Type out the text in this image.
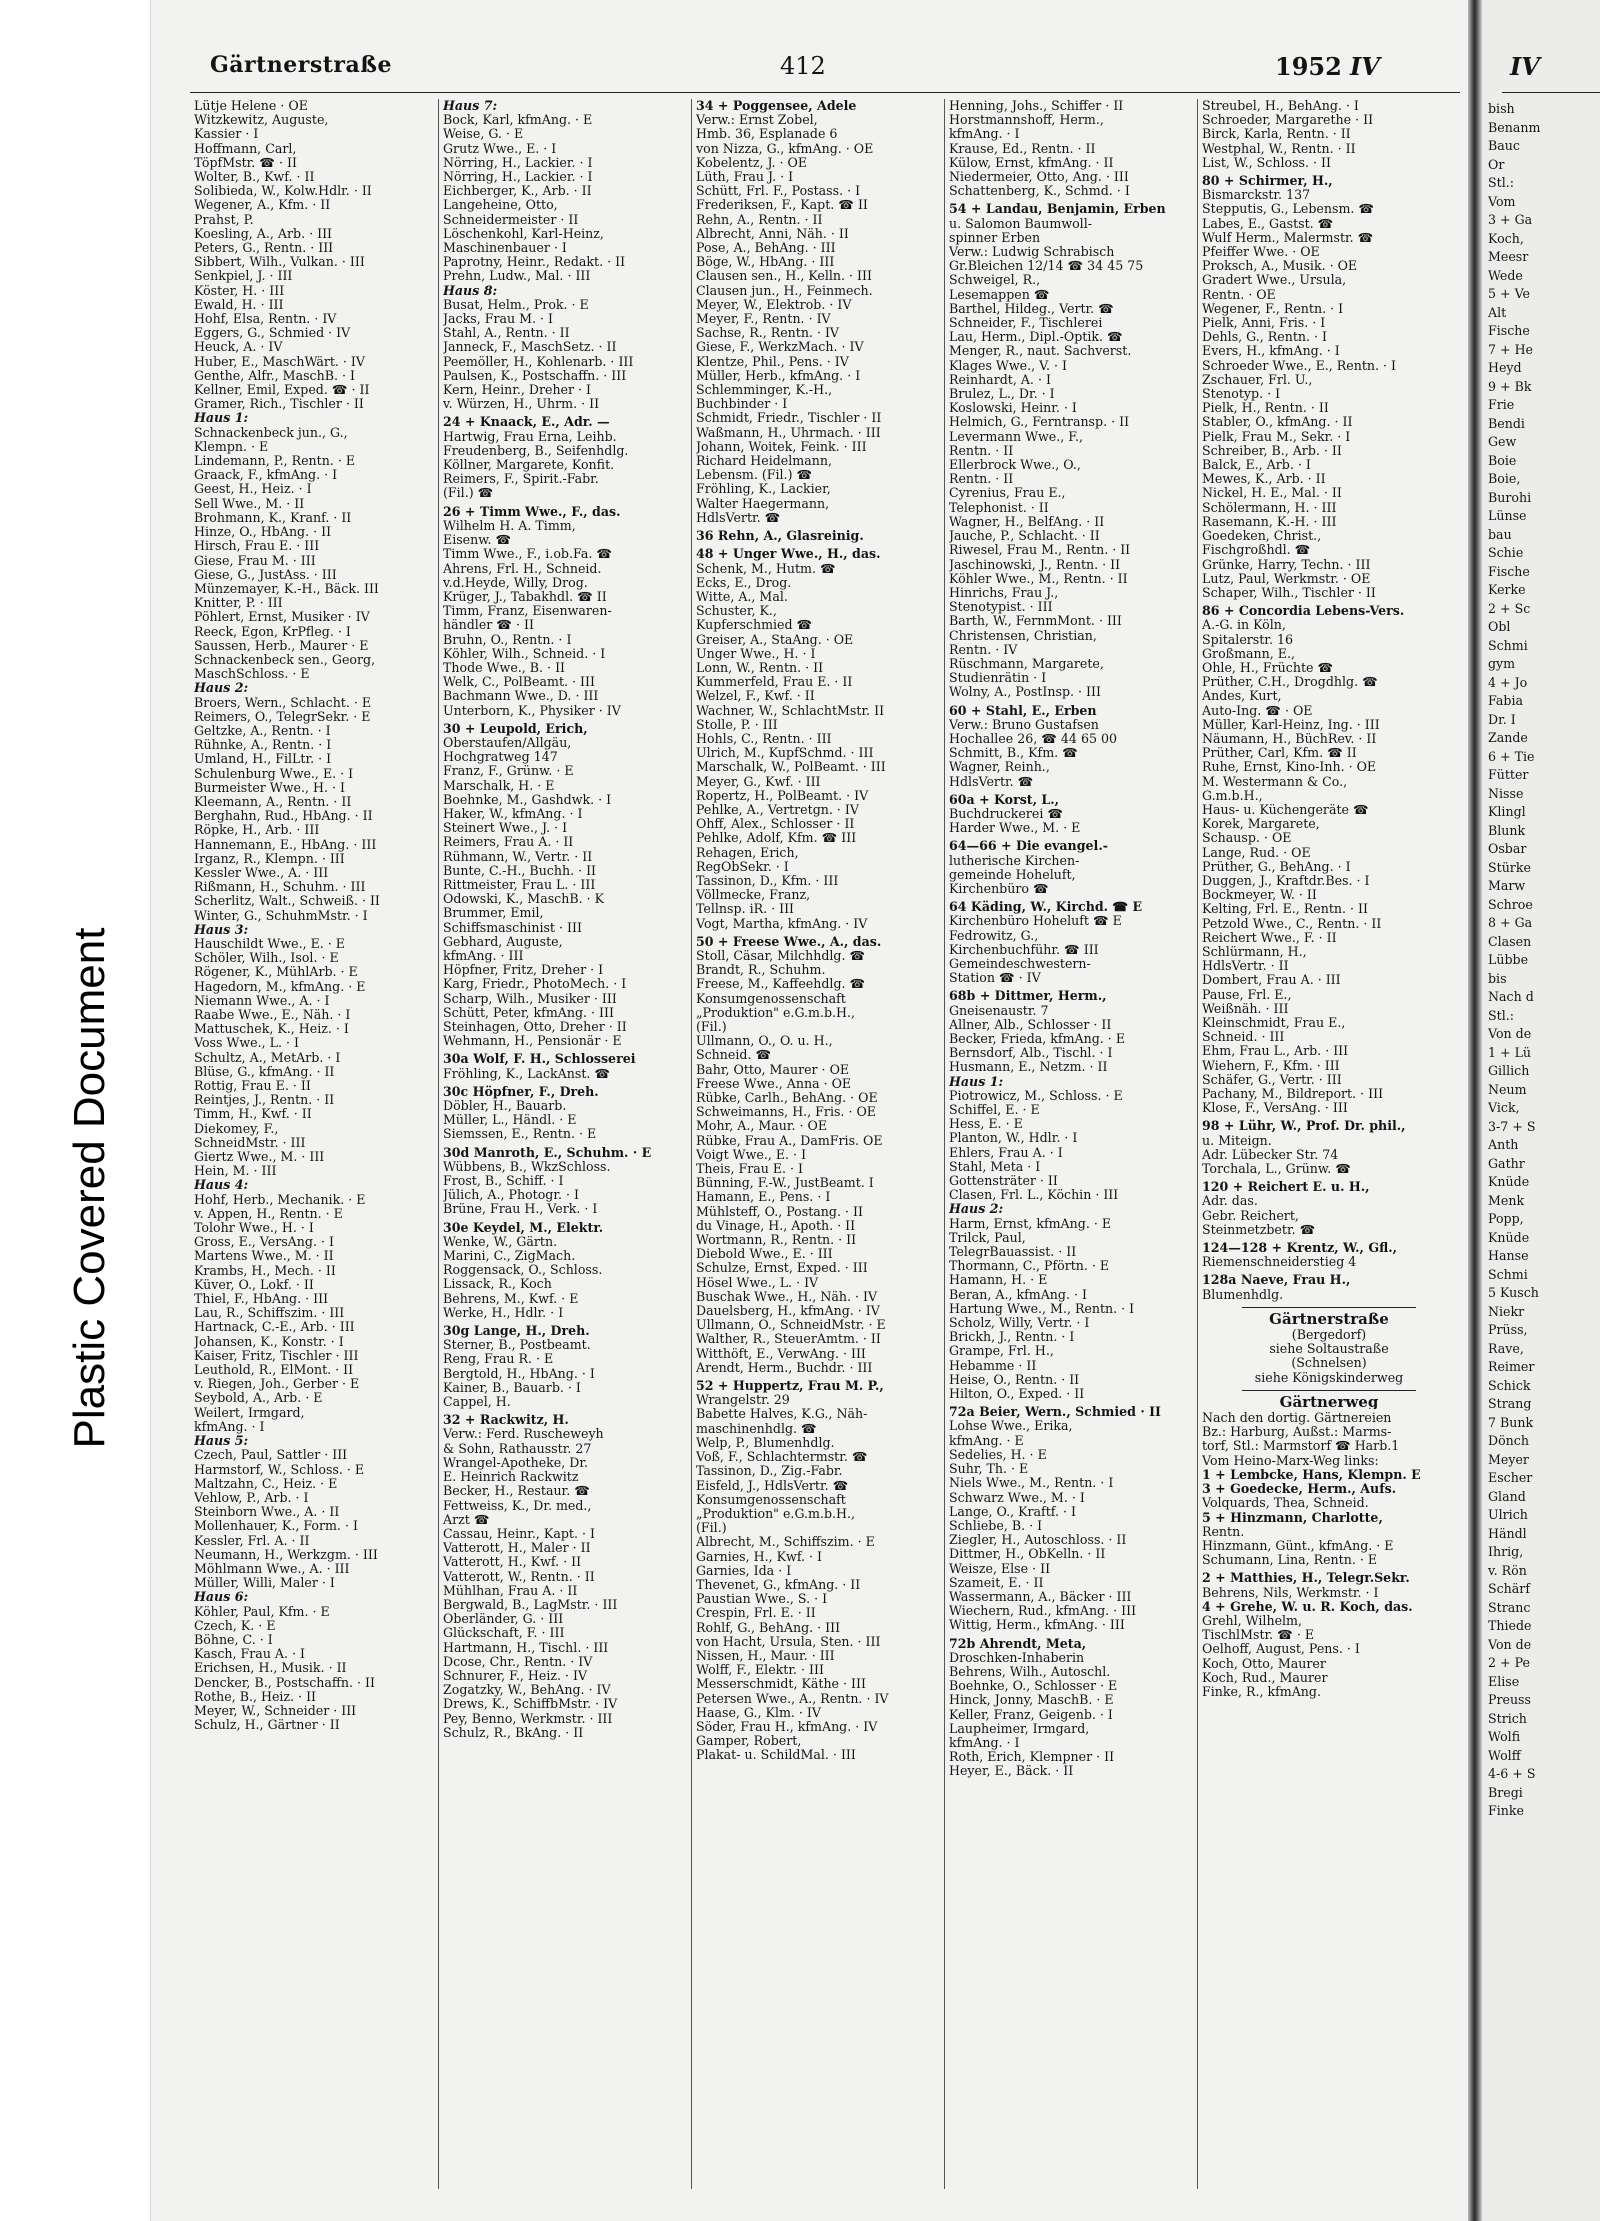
Plastic Covered Document
Gärtnerstraße	412	1952 IV
Lütje Helene · OE
Witzkewitz, Auguste,
Kassier · I
Hoffmann, Carl,
TöpfMstr. ☎ · II
Wolter, B., Kwf. · II
Solibieda, W., Kolw.Hdlr. · II
Wegener, A., Kfm. · II
Prahst, P.
Koesling, A., Arb. · III
Peters, G., Rentn. · III
Sibbert, Wilh., Vulkan. · III
Senkpiel, J. · III
Köster, H. · III
Ewald, H. · III
Hohf, Elsa, Rentn. · IV
Eggers, G., Schmied · IV
Heuck, A. · IV
Huber, E., MaschWärt. · IV
Genthe, Alfr., MaschB. · I
Kellner, Emil, Exped. ☎ · II
Gramer, Rich., Tischler · II
Haus 1:
Schnackenbeck jun., G.,
Klempn. · E
Lindemann, P., Rentn. · E
Graack, F., kfmAng. · I
Geest, H., Heiz. · I
Sell Wwe., M. · II
Brohmann, K., Kranf. · II
Hinze, O., HbAng. · II
Hirsch, Frau E. · III
Giese, Frau M. · III
Giese, G., JustAss. · III
Münzemayer, K.-H., Bäck. III
Knitter, P. · III
Pöhlert, Ernst, Musiker · IV
Reeck, Egon, KrPfleg. · I
Saussen, Herb., Maurer · E
Schnackenbeck sen., Georg,
MaschSchloss. · E
Haus 2:
Broers, Wern., Schlacht. · E
Reimers, O., TelegrSekr. · E
Geltzke, A., Rentn. · I
Rühnke, A., Rentn. · I
Umland, H., FilLtr. · I
Schulenburg Wwe., E. · I
Burmeister Wwe., H. · I
Kleemann, A., Rentn. · II
Berghahn, Rud., HbAng. · II
Röpke, H., Arb. · III
Hannemann, E., HbAng. · III
Irganz, R., Klempn. · III
Kessler Wwe., A. · III
Rißmann, H., Schuhm. · III
Scherlitz, Walt., Schweiß. · II
Winter, G., SchuhmMstr. · I
Haus 3:
Hauschildt Wwe., E. · E
Schöler, Wilh., Isol. · E
Rögener, K., MühlArb. · E
Hagedorn, M., kfmAng. · E
Niemann Wwe., A. · I
Raabe Wwe., E., Näh. · I
Mattuschek, K., Heiz. · I
Voss Wwe., L. · I
Schultz, A., MetArb. · I
Blüse, G., kfmAng. · II
Rottig, Frau E. · II
Reintjes, J., Rentn. · II
Timm, H., Kwf. · II
Diekomey, F.,
SchneidMstr. · III
Giertz Wwe., M. · III
Hein, M. · III
Haus 4:
Hohf, Herb., Mechanik. · E
v. Appen, H., Rentn. · E
Tolohr Wwe., H. · I
Gross, E., VersAng. · I
Martens Wwe., M. · II
Krambs, H., Mech. · II
Küver, O., Lokf. · II
Thiel, F., HbAng. · III
Lau, R., Schiffszim. · III
Hartnack, C.-E., Arb. · III
Johansen, K., Konstr. · I
Kaiser, Fritz, Tischler · III
Leuthold, R., ElMont. · II
v. Riegen, Joh., Gerber · E
Seybold, A., Arb. · E
Weilert, Irmgard,
kfmAng. · I
Haus 5:
Czech, Paul, Sattler · III
Harmstorf, W., Schloss. · E
Maltzahn, C., Heiz. · E
Vehlow, P., Arb. · I
Steinborn Wwe., A. · II
Mollenhauer, K., Form. · I
Kessler, Frl. A. · II
Neumann, H., Werkzgm. · III
Möhlmann Wwe., A. · III
Müller, Willi, Maler · I
Haus 6:
Köhler, Paul, Kfm. · E
Czech, K. · E
Böhne, C. · I
Kasch, Frau A. · I
Erichsen, H., Musik. · II
Dencker, B., Postschaffn. · II
Rothe, B., Heiz. · II
Meyer, W., Schneider · III
Schulz, H., Gärtner · II
Haus 7:
Bock, Karl, kfmAng. · E
Weise, G. · E
Grutz Wwe., E. · I
Nörring, H., Lackier. · I
Nörring, H., Lackier. · I
Eichberger, K., Arb. · II
Langeheine, Otto,
Schneidermeister · II
Löschenkohl, Karl-Heinz,
Maschinenbauer · I
Paprotny, Heinr., Redakt. · II
Prehn, Ludw., Mal. · III
Haus 8:
Busat, Helm., Prok. · E
Jacks, Frau M. · I
Stahl, A., Rentn. · II
Janneck, F., MaschSetz. · II
Peemöller, H., Kohlenarb. · III
Paulsen, K., Postschaffn. · III
Kern, Heinr., Dreher · I
v. Würzen, H., Uhrm. · II
24 + Knaack, E., Adr. —
Hartwig, Frau Erna, Leihb.
Freudenberg, B., Seifenhdlg.
Köllner, Margarete, Konfit.
Reimers, F., Spirit.-Fabr.
(Fil.) ☎
26 + Timm Wwe., F., das.
Wilhelm H. A. Timm,
Eisenw. ☎
Timm Wwe., F., i.ob.Fa. ☎
Ahrens, Frl. H., Schneid.
v.d.Heyde, Willy, Drog.
Krüger, J., Tabakhdl. ☎ II
Timm, Franz, Eisenwaren-
händler ☎ · II
Bruhn, O., Rentn. · I
Köhler, Wilh., Schneid. · I
Thode Wwe., B. · II
Welk, C., PolBeamt. · III
Bachmann Wwe., D. · III
Unterborn, K., Physiker · IV
30 + Leupold, Erich,
Oberstaufen/Allgäu,
Hochgratweg 147
Franz, F., Grünw. · E
Marschalk, H. · E
Boehnke, M., Gashdwk. · I
Haker, W., kfmAng. · I
Steinert Wwe., J. · I
Reimers, Frau A. · II
Rühmann, W., Vertr. · II
Bunte, C.-H., Buchh. · II
Rittmeister, Frau L. · III
Odowski, K., MaschB. · K
Brummer, Emil,
Schiffsmaschinist · III
Gebhard, Auguste,
kfmAng. · III
Höpfner, Fritz, Dreher · I
Karg, Friedr., PhotoMech. · I
Scharp, Wilh., Musiker · III
Schütt, Peter, kfmAng. · III
Steinhagen, Otto, Dreher · II
Wehmann, H., Pensionär · E
30a Wolf, F. H., Schlosserei
Fröhling, K., LackAnst. ☎
30c Höpfner, F., Dreh.
Döbler, H., Bauarb.
Müller, L., Händl. · E
Siemssen, E., Rentn. · E
30d Manroth, E., Schuhm. · E
Wübbens, B., WkzSchloss.
Frost, B., Schiff. · I
Jülich, A., Photogr. · I
Brüne, Frau H., Verk. · I
30e Keydel, M., Elektr.
Wenke, W., Gärtn.
Marini, C., ZigMach.
Roggensack, O., Schloss.
Lissack, R., Koch
Behrens, M., Kwf. · E
Werke, H., Hdlr. · I
30g Lange, H., Dreh.
Sterner, B., Postbeamt.
Reng, Frau R. · E
Bergtold, H., HbAng. · I
Kainer, B., Bauarb. · I
Cappel, H.
32 + Rackwitz, H.
Verw.: Ferd. Ruscheweyh
& Sohn, Rathausstr. 27
Wrangel-Apotheke, Dr.
E. Heinrich Rackwitz
Becker, H., Restaur. ☎
Fettweiss, K., Dr. med.,
Arzt ☎
Cassau, Heinr., Kapt. · I
Vatterott, H., Maler · II
Vatterott, H., Kwf. · II
Vatterott, W., Rentn. · II
Mühlhan, Frau A. · II
Bergwald, B., LagMstr. · III
Oberländer, G. · III
Glückschaft, F. · III
Hartmann, H., Tischl. · III
Dcose, Chr., Rentn. · IV
Schnurer, F., Heiz. · IV
Zogatzky, W., BehAng. · IV
Drews, K., SchiffbMstr. · IV
Pey, Benno, Werkmstr. · III
Schulz, R., BkAng. · II
34 + Poggensee, Adele
Verw.: Ernst Zobel,
Hmb. 36, Esplanade 6
von Nizza, G., kfmAng. · OE
Kobelentz, J. · OE
Lüth, Frau J. · I
Schütt, Frl. F., Postass. · I
Frederiksen, F., Kapt. ☎ II
Rehn, A., Rentn. · II
Albrecht, Anni, Näh. · II
Pose, A., BehAng. · III
Böge, W., HbAng. · III
Clausen sen., H., Kelln. · III
Clausen jun., H., Feinmech.
Meyer, W., Elektrob. · IV
Meyer, F., Rentn. · IV
Sachse, R., Rentn. · IV
Giese, F., WerkzMach. · IV
Klentze, Phil., Pens. · IV
Müller, Herb., kfmAng. · I
Schlemminger, K.-H.,
Buchbinder · I
Schmidt, Friedr., Tischler · II
Waßmann, H., Uhrmach. · III
Johann, Woitek, Feink. · III
Richard Heidelmann,
Lebensm. (Fil.) ☎
Fröhling, K., Lackier,
Walter Haegermann,
HdlsVertr. ☎
36 Rehn, A., Glasreinig.
48 + Unger Wwe., H., das.
Schenk, M., Hutm. ☎
Ecks, E., Drog.
Witte, A., Mal.
Schuster, K.,
Kupferschmied ☎
Greiser, A., StaAng. · OE
Unger Wwe., H. · I
Lonn, W., Rentn. · II
Kummerfeld, Frau E. · II
Welzel, F., Kwf. · II
Wachner, W., SchlachtMstr. II
Stolle, P. · III
Hohls, C., Rentn. · III
Ulrich, M., KupfSchmd. · III
Marschalk, W., PolBeamt. · III
Meyer, G., Kwf. · III
Ropertz, H., PolBeamt. · IV
Pehlke, A., Vertretgn. · IV
Ohff, Alex., Schlosser · II
Pehlke, Adolf, Kfm. ☎ III
Rehagen, Erich,
RegObSekr. · I
Tassinon, D., Kfm. · III
Völlmecke, Franz,
Tellnsp. iR. · III
Vogt, Martha, kfmAng. · IV
50 + Freese Wwe., A., das.
Stoll, Cäsar, Milchhdlg. ☎
Brandt, R., Schuhm.
Freese, M., Kaffeehdlg. ☎
Konsumgenossenschaft
„Produktion" e.G.m.b.H.,
(Fil.)
Ullmann, O., O. u. H.,
Schneid. ☎
Bahr, Otto, Maurer · OE
Freese Wwe., Anna · OE
Rübke, Carlh., BehAng. · OE
Schweimanns, H., Fris. · OE
Mohr, A., Maur. · OE
Rübke, Frau A., DamFris. OE
Voigt Wwe., E. · I
Theis, Frau E. · I
Bünning, F.-W., JustBeamt. I
Hamann, E., Pens. · I
Mühlsteff, O., Postang. · II
du Vinage, H., Apoth. · II
Wortmann, R., Rentn. · II
Diebold Wwe., E. · III
Schulze, Ernst, Exped. · III
Hösel Wwe., L. · IV
Buschak Wwe., H., Näh. · IV
Dauelsberg, H., kfmAng. · IV
Ullmann, O., SchneidMstr. · E
Walther, R., SteuerAmtm. · II
Witthöft, E., VerwAng. · III
Arendt, Herm., Buchdr. · III
52 + Huppertz, Frau M. P.,
Wrangelstr. 29
Babette Halves, K.G., Näh-
maschinenhdlg. ☎
Welp, P., Blumenhdlg.
Voß, F., Schlachtermstr. ☎
Tassinon, D., Zig.-Fabr.
Eisfeld, J., HdlsVertr. ☎
Konsumgenossenschaft
„Produktion" e.G.m.b.H.,
(Fil.)
Albrecht, M., Schiffszim. · E
Garnies, H., Kwf. · I
Garnies, Ida · I
Thevenet, G., kfmAng. · II
Paustian Wwe., S. · I
Crespin, Frl. E. · II
Rohlf, G., BehAng. · III
von Hacht, Ursula, Sten. · III
Nissen, H., Maur. · III
Wolff, F., Elektr. · III
Messerschmidt, Käthe · III
Petersen Wwe., A., Rentn. · IV
Haase, G., Klm. · IV
Söder, Frau H., kfmAng. · IV
Gamper, Robert,
Plakat- u. SchildMal. · III
Henning, Johs., Schiffer · II
Horstmannshoff, Herm.,
kfmAng. · I
Krause, Ed., Rentn. · II
Külow, Ernst, kfmAng. · II
Niedermeier, Otto, Ang. · III
Schattenberg, K., Schmd. · I
54 + Landau, Benjamin, Erben
u. Salomon Baumwoll-
spinner Erben
Verw.: Ludwig Schrabisch
Gr.Bleichen 12/14 ☎ 34 45 75
Schweigel, R.,
Lesemappen ☎
Barthel, Hildeg., Vertr. ☎
Schneider, F., Tischlerei
Lau, Herm., Dipl.-Optik. ☎
Menger, R., naut. Sachverst.
Klages Wwe., V. · I
Reinhardt, A. · I
Brulez, L., Dr. · I
Koslowski, Heinr. · I
Helmich, G., Ferntransp. · II
Levermann Wwe., F.,
Rentn. · II
Ellerbrock Wwe., O.,
Rentn. · II
Cyrenius, Frau E.,
Telephonist. · II
Wagner, H., BelfAng. · II
Jauche, P., Schlacht. · II
Riwesel, Frau M., Rentn. · II
Jaschinowski, J., Rentn. · II
Köhler Wwe., M., Rentn. · II
Hinrichs, Frau J.,
Stenotypist. · III
Barth, W., FernmMont. · III
Christensen, Christian,
Rentn. · IV
Rüschmann, Margarete,
Studienrätin · I
Wolny, A., PostInsp. · III
60 + Stahl, E., Erben
Verw.: Bruno Gustafsen
Hochallee 26, ☎ 44 65 00
Schmitt, B., Kfm. ☎
Wagner, Reinh.,
HdlsVertr. ☎
60a + Korst, L.,
Buchdruckerei ☎
Harder Wwe., M. · E
64—66 + Die evangel.-
lutherische Kirchen-
gemeinde Hoheluft,
Kirchenbüro ☎
64 Käding, W., Kirchd. ☎ E
Kirchenbüro Hoheluft ☎ E
Fedrowitz, G.,
Kirchenbuchführ. ☎ III
Gemeindeschwestern-
Station ☎ · IV
68b + Dittmer, Herm.,
Gneisenaustr. 7
Allner, Alb., Schlosser · II
Becker, Frieda, kfmAng. · E
Bernsdorf, Alb., Tischl. · I
Husmann, E., Netzm. · II
Haus 1:
Piotrowicz, M., Schloss. · E
Schiffel, E. · E
Hess, E. · E
Planton, W., Hdlr. · I
Ehlers, Frau A. · I
Stahl, Meta · I
Gottensträter · II
Clasen, Frl. L., Köchin · III
Haus 2:
Harm, Ernst, kfmAng. · E
Trilck, Paul,
TelegrBauassist. · II
Thormann, C., Pförtn. · E
Hamann, H. · E
Beran, A., kfmAng. · I
Hartung Wwe., M., Rentn. · I
Scholz, Willy, Vertr. · I
Brickh, J., Rentn. · I
Grampe, Frl. H.,
Hebamme · II
Heise, O., Rentn. · II
Hilton, O., Exped. · II
72a Beier, Wern., Schmied · II
Lohse Wwe., Erika,
kfmAng. · E
Sedelies, H. · E
Suhr, Th. · E
Niels Wwe., M., Rentn. · I
Schwarz Wwe., M. · I
Lange, O., Kraftf. · I
Schliebe, B. · I
Ziegler, H., Autoschloss. · II
Dittmer, H., ObKelln. · II
Weisze, Else · II
Szameit, E. · II
Wassermann, A., Bäcker · III
Wiechern, Rud., kfmAng. · III
Wittig, Herm., kfmAng. · III
72b Ahrendt, Meta,
Droschken-Inhaberin
Behrens, Wilh., Autoschl.
Boehnke, O., Schlosser · E
Hinck, Jonny, MaschB. · E
Keller, Franz, Geigenb. · I
Laupheimer, Irmgard,
kfmAng. · I
Roth, Erich, Klempner · II
Heyer, E., Bäck. · II
Streubel, H., BehAng. · I
Schroeder, Margarethe · II
Birck, Karla, Rentn. · II
Westphal, W., Rentn. · II
List, W., Schloss. · II
80 + Schirmer, H.,
Bismarckstr. 137
Stepputis, G., Lebensm. ☎
Labes, E., Gastst. ☎
Wulf Herm., Malermstr. ☎
Pfeiffer Wwe. · OE
Proksch, A., Musik. · OE
Gradert Wwe., Ursula,
Rentn. · OE
Wegener, F., Rentn. · I
Pielk, Anni, Fris. · I
Dehls, G., Rentn. · I
Evers, H., kfmAng. · I
Schroeder Wwe., E., Rentn. · I
Zschauer, Frl. U.,
Stenotyp. · I
Pielk, H., Rentn. · II
Stabler, O., kfmAng. · II
Pielk, Frau M., Sekr. · I
Schreiber, B., Arb. · II
Balck, E., Arb. · I
Mewes, K., Arb. · II
Nickel, H. E., Mal. · II
Schölermann, H. · III
Rasemann, K.-H. · III
Goedeken, Christ.,
Fischgroßhdl. ☎
Grünke, Harry, Techn. · III
Lutz, Paul, Werkmstr. · OE
Schaper, Wilh., Tischler · II
86 + Concordia Lebens-Vers.
A.-G. in Köln,
Spitalerstr. 16
Großmann, E.,
Ohle, H., Früchte ☎
Prüther, C.H., Drogdhlg. ☎
Andes, Kurt,
Auto-Ing. ☎ · OE
Müller, Karl-Heinz, Ing. · III
Näumann, H., BüchRev. · II
Prüther, Carl, Kfm. ☎ II
Ruhe, Ernst, Kino-Inh. · OE
M. Westermann & Co.,
G.m.b.H.,
Haus- u. Küchengeräte ☎
Korek, Margarete,
Schausp. · OE
Lange, Rud. · OE
Prüther, G., BehAng. · I
Duggen, J., Kraftdr.Bes. · I
Bockmeyer, W. · II
Kelting, Frl. E., Rentn. · II
Petzold Wwe., C., Rentn. · II
Reichert Wwe., F. · II
Schlürmann, H.,
HdlsVertr. · II
Dombert, Frau A. · III
Pause, Frl. E.,
Weißnäh. · III
Kleinschmidt, Frau E.,
Schneid. · III
Ehm, Frau L., Arb. · III
Wiehern, F., Kfm. · III
Schäfer, G., Vertr. · III
Pachany, M., Bildreport. · III
Klose, F., VersAng. · III
98 + Lühr, W., Prof. Dr. phil.,
u. Miteign.
Adr. Lübecker Str. 74
Torchala, L., Grünw. ☎
120 + Reichert E. u. H.,
Adr. das.
Gebr. Reichert,
Steinmetzbetr. ☎
124—128 + Krentz, W., Gfl.,
Riemenschneiderstieg 4
128a Naeve, Frau H.,
Blumenhdlg.
Gärtnerstraße
(Bergedorf)
siehe Soltaustraße
(Schnelsen)
siehe Königskinderweg
Gärtnerweg
Nach den dortig. Gärtnereien
Bz.: Harburg, Außst.: Marms-
torf, Stl.: Marmstorf ☎ Harb.1
Vom Heino-Marx-Weg links:
1 + Lembcke, Hans, Klempn. E
3 + Goedecke, Herm., Aufs.
Volquards, Thea, Schneid.
5 + Hinzmann, Charlotte,
Rentn.
Hinzmann, Günt., kfmAng. · E
Schumann, Lina, Rentn. · E
2 + Matthies, H., Telegr.Sekr.
Behrens, Nils, Werkmstr. · I
4 + Grehe, W. u. R. Koch, das.
Grehl, Wilhelm,
TischlMstr. ☎ · E
Oelhoff, August, Pens. · I
Koch, Otto, Maurer
Koch, Rud., Maurer
Finke, R., kfmAng.
IV
bish
Benanm
Bauc
Or
Stl.:
Vom
3 + Ga
Koch,
Meesr
Wede
5 + Ve
Alt
Fische
7 + He
Heyd
9 + Bk
Frie
Bendi
Gew
Boie
Boie,
Burohi
Lünse
bau
Schie
Fische
Kerke
2 + Sc
Obl
Schmi
gym
4 + Jo
Fabia
Dr. I
Zande
6 + Tie
Fütter
Nisse
Klingl
Blunk
Osbar
Stürke
Marw
Schroe
8 + Ga
Clasen
Lübbe
bis
Nach d
Stl.:
Von de
1 + Lü
Gillich
Neum
Vick,
3-7 + S
Anth
Gathr
Knüde
Menk
Popp,
Knüde
Hanse
Schmi
5 Kusch
Niekr
Prüss,
Rave,
Reimer
Schick
Strang
7 Bunk
Dönch
Meyer
Escher
Gland
Ulrich
Händl
Ihrig,
v. Rön
Schärf
Stranc
Thiede
Von de
2 + Pe
Elise
Preuss
Strich
Wolfi
Wolff
4-6 + S
Bregi
Finke
